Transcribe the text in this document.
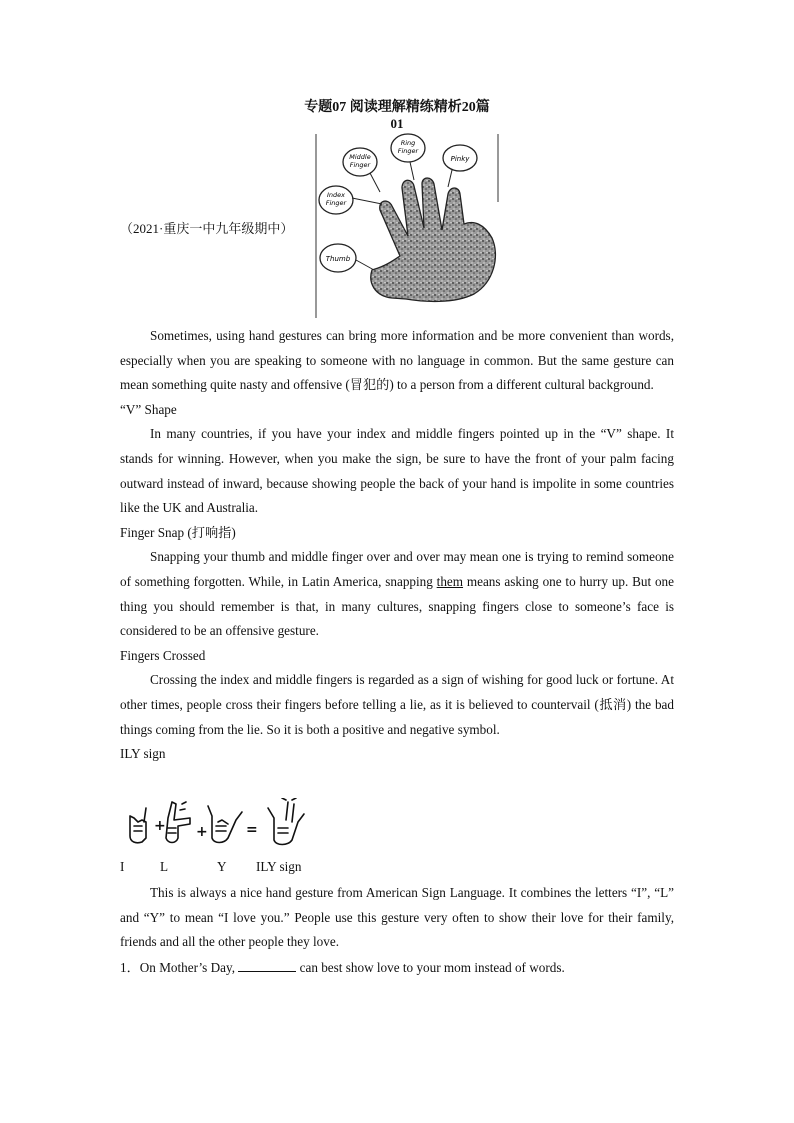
专题07 阅读理解精练精析20篇
01
（2021·重庆一中九年级期中）
Middle
Finger
Ring
Finger
Pinky
Index
Finger
Thumb

Sometimes, using hand gestures can bring more information and be more convenient than words, especially when you are speaking to someone with no language in common. But the same gesture can mean something quite nasty and offensive (冒犯的) to a person from a different cultural background.

“V” Shape

In many countries, if you have your index and middle fingers pointed up in the “V” shape. It stands for winning. However, when you make the sign, be sure to have the front of your palm facing outward instead of inward, because showing people the back of your hand is impolite in some countries like the UK and Australia.

Finger Snap (打响指)

Snapping your thumb and middle finger over and over may mean one is trying to remind someone of something forgotten. While, in Latin America, snapping them means asking one to hurry up. But one thing you should remember is that, in many cultures, snapping fingers close to someone’s face is considered to be an offensive gesture.

Fingers Crossed

Crossing the index and middle fingers is regarded as a sign of wishing for good luck or fortune. At other times, people cross their fingers before telling a lie, as it is believed to countervail (抵消) the bad things coming from the lie. So it is both a positive and negative symbol.

ILY sign

+ +	=
I	L	Y ILY sign

This is always a nice hand gesture from American Sign Language. It combines the letters “I”, “L” and “Y” to mean “I love you.” People use this gesture very often to show their love for their family, friends and all the other people they love.

1．On Mother’s Day,	can best show love to your mom instead of words.
